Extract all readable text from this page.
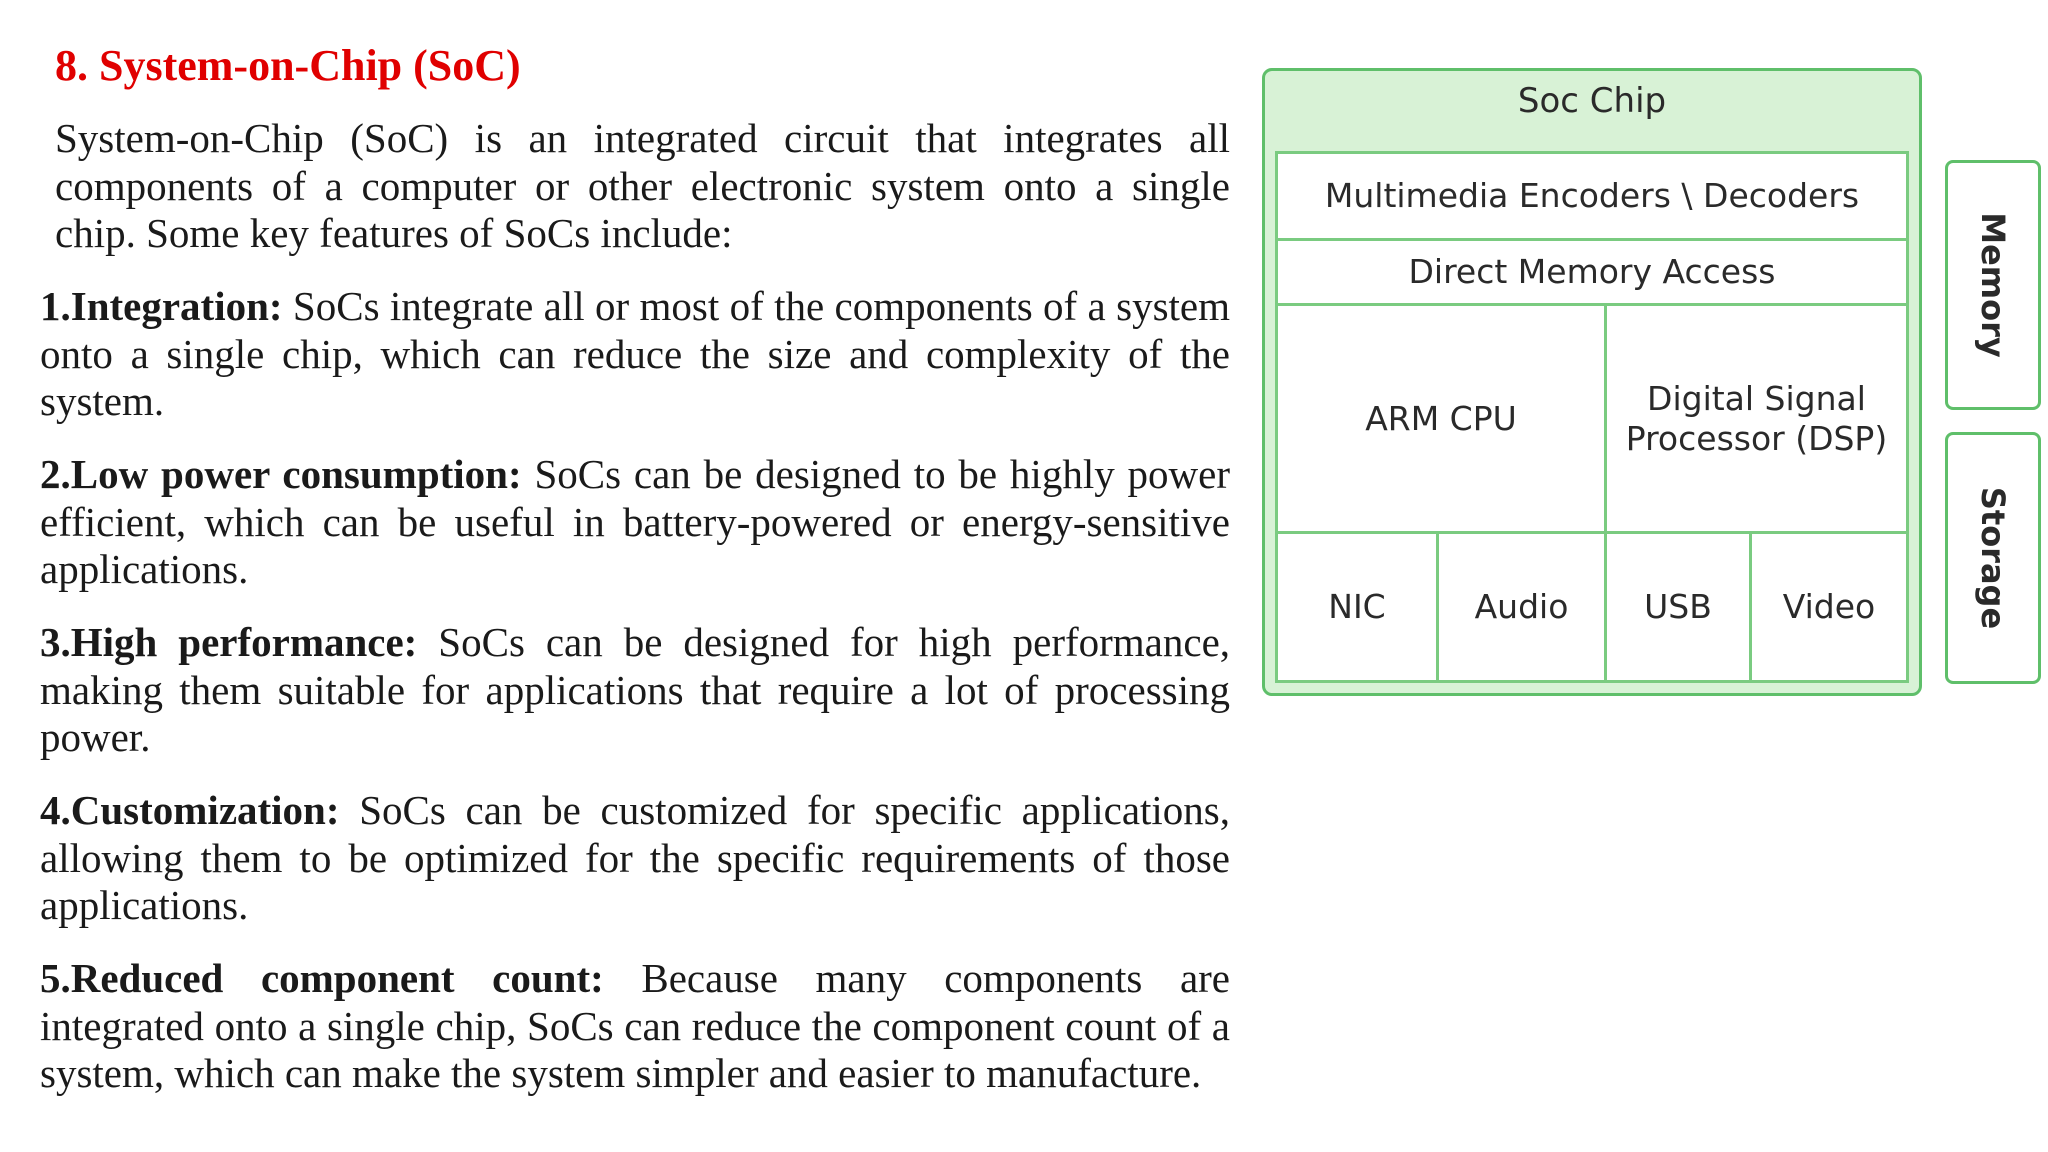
8. System-on-Chip (SoC)

System-on-Chip (SoC) is an integrated circuit that integrates all components of a computer or other electronic system onto a single chip. Some key features of SoCs include:

1.Integration: SoCs integrate all or most of the components of a system onto a single chip, which can reduce the size and complexity of the system.

2.Low power consumption: SoCs can be designed to be highly power efficient, which can be useful in battery-powered or energy-sensitive applications.

3.High performance: SoCs can be designed for high performance, making them suitable for applications that require a lot of processing power.

4.Customization: SoCs can be customized for specific applications, allowing them to be optimized for the specific requirements of those applications.

5.Reduced component count: Because many components are integrated onto a single chip, SoCs can reduce the component count of a system, which can make the system simpler and easier to manufacture.

Soc Chip
Multimedia Encoders \ Decoders
Direct Memory Access
ARM CPU
Digital Signal
Processor (DSP)
NIC	Audio	USB	Video
Memory
Storage
